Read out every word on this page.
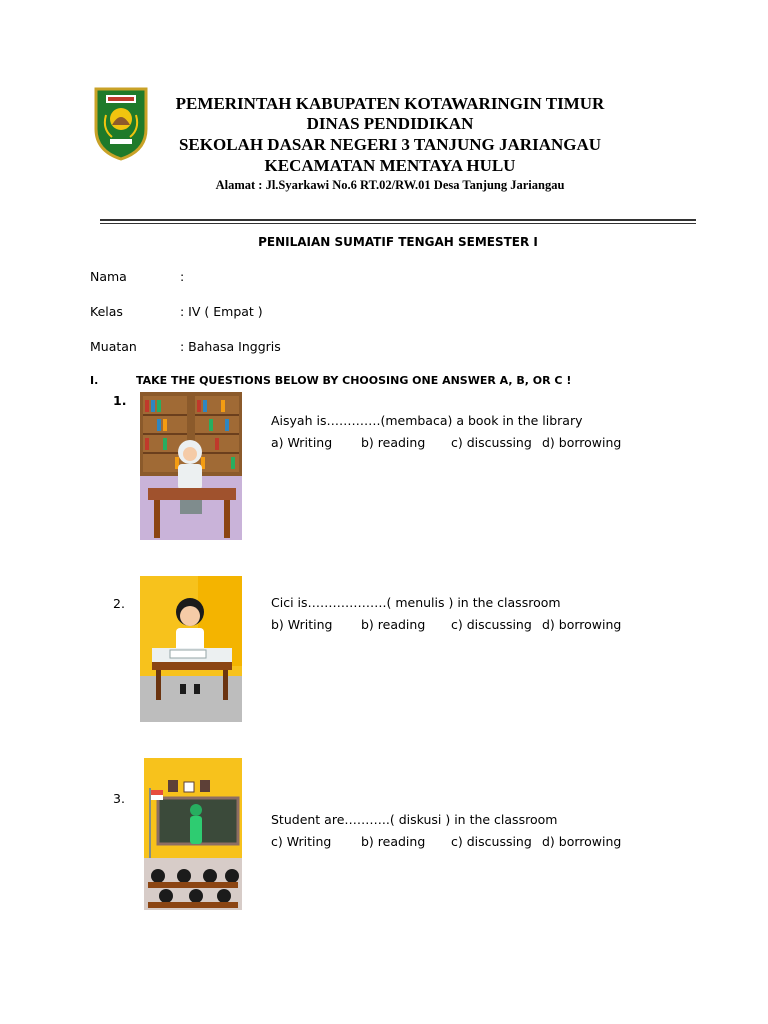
PEMERINTAH KABUPATEN KOTAWARINGIN TIMUR
DINAS PENDIDIKAN
SEKOLAH DASAR NEGERI 3 TANJUNG JARIANGAU
KECAMATAN MENTAYA HULU
Alamat : Jl.Syarkawi No.6 RT.02/RW.01 Desa Tanjung Jariangau
PENILAIAN SUMATIF TENGAH SEMESTER I
Nama	:
Kelas	: IV ( Empat )
Muatan	: Bahasa Inggris
I.	TAKE THE QUESTIONS BELOW BY CHOOSING ONE ANSWER A, B, OR C !
1.
Aisyah is………….(membaca) a book in the library
a) Writing b) reading c) discussing d) borrowing
2.	Cici is……………….( menulis ) in the classroom
b) Writing b) reading c) discussing d) borrowing
3.
Student are………..( diskusi ) in the classroom
c) Writing b) reading c) discussing d) borrowing
